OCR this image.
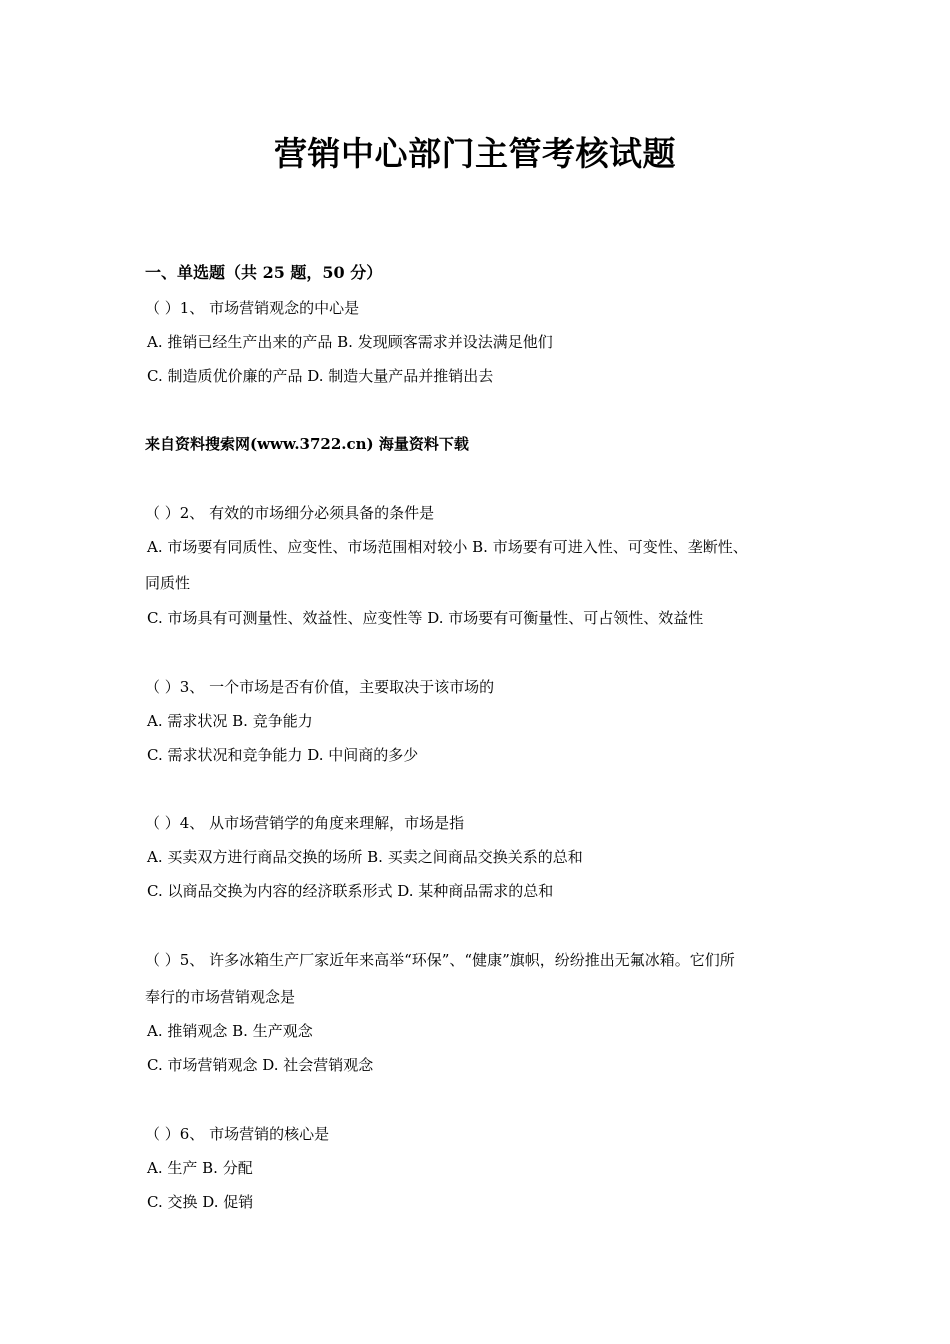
营销中心部门主管考核试题
一、单选题（共 25 题，50 分）
（ ）1、 市场营销观念的中心是
A. 推销已经生产出来的产品 B. 发现顾客需求并设法满足他们
C. 制造质优价廉的产品 D. 制造大量产品并推销出去
来自资料搜索网(www.3722.cn) 海量资料下载
（ ）2、 有效的市场细分必须具备的条件是
A. 市场要有同质性、应变性、市场范围相对较小 B. 市场要有可进入性、可变性、垄断性、
同质性
C. 市场具有可测量性、效益性、应变性等 D. 市场要有可衡量性、可占领性、效益性
（ ）3、 一个市场是否有价值，主要取决于该市场的
A. 需求状况 B. 竞争能力
C. 需求状况和竞争能力 D. 中间商的多少
（ ）4、 从市场营销学的角度来理解，市场是指
A. 买卖双方进行商品交换的场所 B. 买卖之间商品交换关系的总和
C. 以商品交换为内容的经济联系形式 D. 某种商品需求的总和
（ ）5、 许多冰箱生产厂家近年来高举“环保”、“健康”旗帜，纷纷推出无氟冰箱。它们所
奉行的市场营销观念是
A. 推销观念 B. 生产观念
C. 市场营销观念 D. 社会营销观念
（ ）6、 市场营销的核心是
A. 生产 B. 分配
C. 交换 D. 促销
